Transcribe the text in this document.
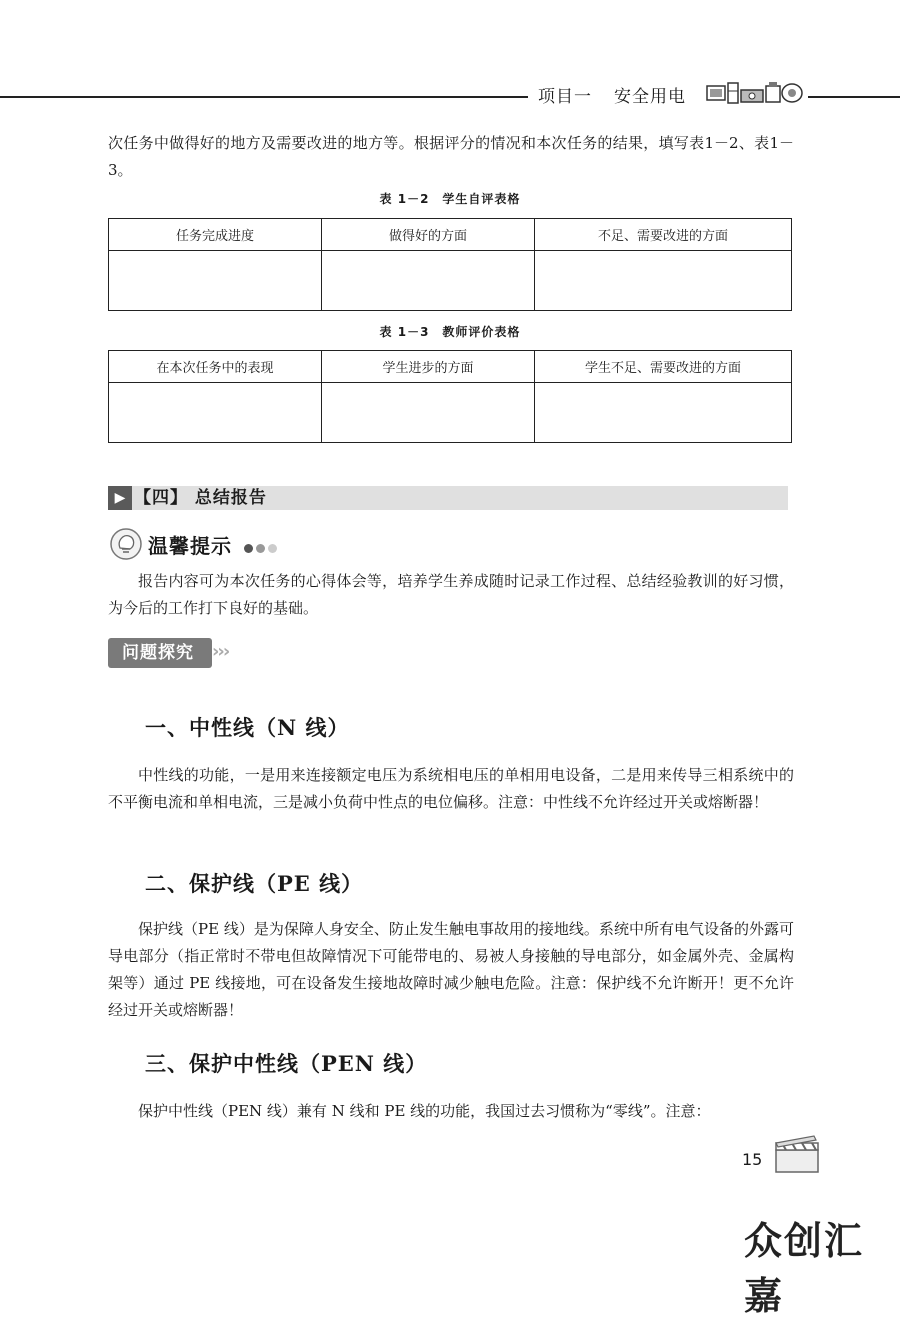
项目一 安全用电
次任务中做得好的地方及需要改进的地方等。根据评分的情况和本次任务的结果，填写表1－2、表1－3。
表 1－2　学生自评表格
任务完成进度	做得好的方面	不足、需要改进的方面

表 1－3　教师评价表格
在本次任务中的表现	学生进步的方面	学生不足、需要改进的方面

▶ 【四】 总结报告
温馨提示
报告内容可为本次任务的心得体会等，培养学生养成随时记录工作过程、总结经验教训的好习惯，为今后的工作打下良好的基础。
问题探究	›››
一、中性线（N 线）
中性线的功能，一是用来连接额定电压为系统相电压的单相用电设备，二是用来传导三相系统中的不平衡电流和单相电流，三是减小负荷中性点的电位偏移。注意：中性线不允许经过开关或熔断器！
二、保护线（PE 线）
保护线（PE 线）是为保障人身安全、防止发生触电事故用的接地线。系统中所有电气设备的外露可导电部分（指正常时不带电但故障情况下可能带电的、易被人身接触的导电部分，如金属外壳、金属构架等）通过 PE 线接地，可在设备发生接地故障时减少触电危险。注意：保护线不允许断开！更不允许经过开关或熔断器！
三、保护中性线（PEN 线）
保护中性线（PEN 线）兼有 N 线和 PE 线的功能，我国过去习惯称为“零线”。注意：
15
众创汇嘉
